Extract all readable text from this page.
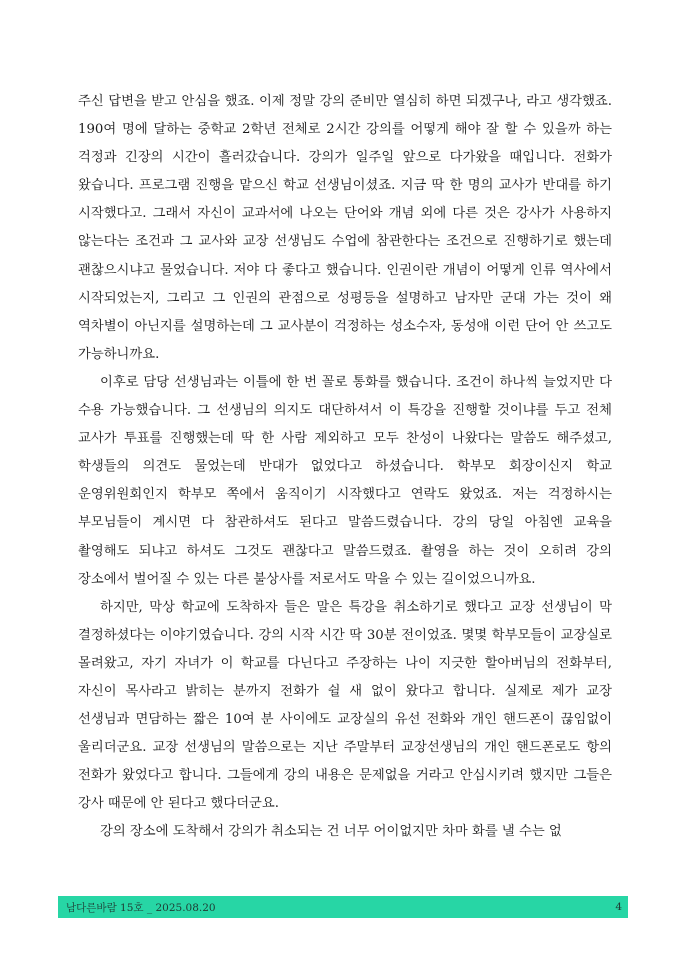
주신 답변을 받고 안심을 했죠. 이제 정말 강의 준비만 열심히 하면 되겠구나, 라고 생각했죠. 190여 명에 달하는 중학교 2학년 전체로 2시간 강의를 어떻게 해야 잘 할 수 있을까 하는 걱정과 긴장의 시간이 흘러갔습니다. 강의가 일주일 앞으로 다가왔을 때입니다. 전화가 왔습니다. 프로그램 진행을 맡으신 학교 선생님이셨죠. 지금 딱 한 명의 교사가 반대를 하기 시작했다고. 그래서 자신이 교과서에 나오는 단어와 개념 외에 다른 것은 강사가 사용하지 않는다는 조건과 그 교사와 교장 선생님도 수업에 참관한다는 조건으로 진행하기로 했는데 괜찮으시냐고 물었습니다. 저야 다 좋다고 했습니다. 인권이란 개념이 어떻게 인류 역사에서 시작되었는지, 그리고 그 인권의 관점으로 성평등을 설명하고 남자만 군대 가는 것이 왜 역차별이 아닌지를 설명하는데 그 교사분이 걱정하는 성소수자, 동성애 이런 단어 안 쓰고도 가능하니까요.

이후로 담당 선생님과는 이틀에 한 번 꼴로 통화를 했습니다. 조건이 하나씩 늘었지만 다 수용 가능했습니다. 그 선생님의 의지도 대단하셔서 이 특강을 진행할 것이냐를 두고 전체 교사가 투표를 진행했는데 딱 한 사람 제외하고 모두 찬성이 나왔다는 말씀도 해주셨고, 학생들의 의견도 물었는데 반대가 없었다고 하셨습니다. 학부모 회장이신지 학교 운영위원회인지 학부모 쪽에서 움직이기 시작했다고 연락도 왔었죠. 저는 걱정하시는 부모님들이 계시면 다 참관하셔도 된다고 말씀드렸습니다. 강의 당일 아침엔 교육을 촬영해도 되냐고 하셔도 그것도 괜찮다고 말씀드렸죠. 촬영을 하는 것이 오히려 강의 장소에서 벌어질 수 있는 다른 불상사를 저로서도 막을 수 있는 길이었으니까요.

하지만, 막상 학교에 도착하자 들은 말은 특강을 취소하기로 했다고 교장 선생님이 막 결정하셨다는 이야기였습니다. 강의 시작 시간 딱 30분 전이었죠. 몇몇 학부모들이 교장실로 몰려왔고, 자기 자녀가 이 학교를 다닌다고 주장하는 나이 지긋한 할아버님의 전화부터, 자신이 목사라고 밝히는 분까지 전화가 쉴 새 없이 왔다고 합니다. 실제로 제가 교장 선생님과 면담하는 짧은 10여 분 사이에도 교장실의 유선 전화와 개인 핸드폰이 끊임없이 울리더군요. 교장 선생님의 말씀으로는 지난 주말부터 교장선생님의 개인 핸드폰로도 항의 전화가 왔었다고 합니다. 그들에게 강의 내용은 문제없을 거라고 안심시키려 했지만 그들은 강사 때문에 안 된다고 했다더군요.

강의 장소에 도착해서 강의가 취소되는 건 너무 어이없지만 차마 화를 낼 수는 없

남다른바람 15호 _ 2025.08.20	4
